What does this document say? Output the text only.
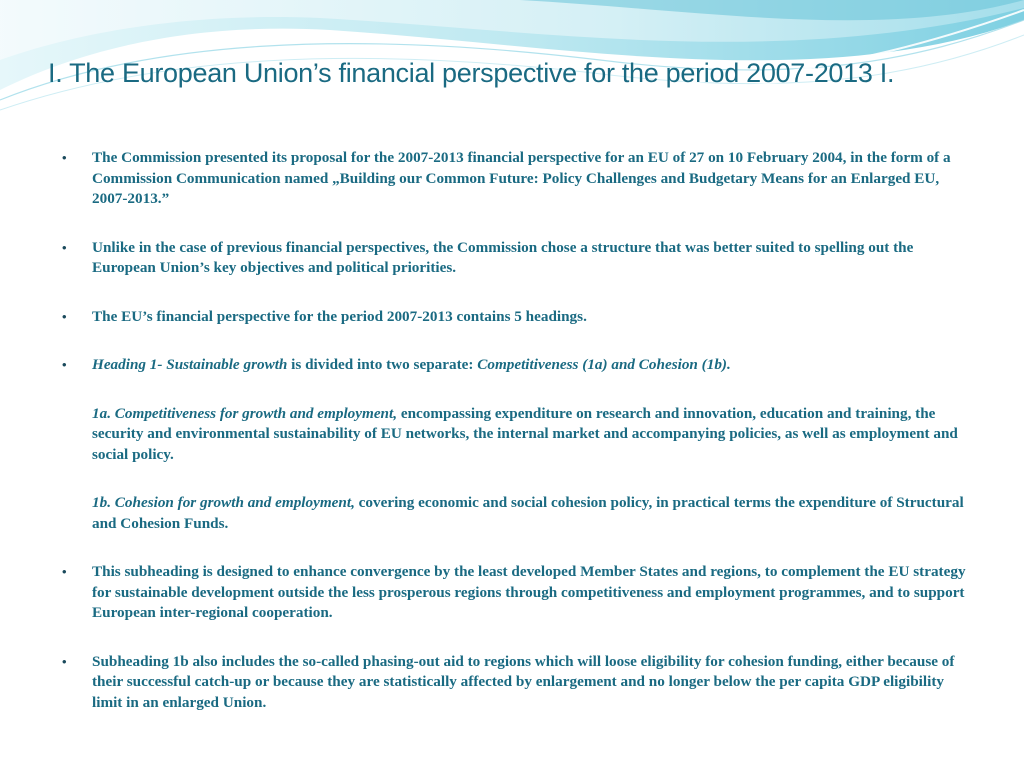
I. The European Union’s financial perspective for the period 2007-2013 I.

• The Commission presented its proposal for the 2007-2013 financial perspective for an EU of 27 on 10 February 2004, in the form of a Commission Communication named „Building our Common Future: Policy Challenges and Budgetary Means for an Enlarged EU, 2007-2013.”

• Unlike in the case of previous financial perspectives, the Commission chose a structure that was better suited to spelling out the European Union’s key objectives and political priorities.

• The EU’s financial perspective for the period 2007-2013 contains 5 headings.

• Heading 1- Sustainable growth is divided into two separate: Competitiveness (1a) and Cohesion (1b).

1a. Competitiveness for growth and employment, encompassing expenditure on research and innovation, education and training, the security and environmental sustainability of EU networks, the internal market and accompanying policies, as well as employment and social policy.

1b. Cohesion for growth and employment, covering economic and social cohesion policy, in practical terms the expenditure of Structural and Cohesion Funds.

• This subheading is designed to enhance convergence by the least developed Member States and regions, to complement the EU strategy for sustainable development outside the less prosperous regions through competitiveness and employment programmes, and to support European inter-regional cooperation.

• Subheading 1b also includes the so-called phasing-out aid to regions which will loose eligibility for cohesion funding, either because of their successful catch-up or because they are statistically affected by enlargement and no longer below the per capita GDP eligibility limit in an enlarged Union.
